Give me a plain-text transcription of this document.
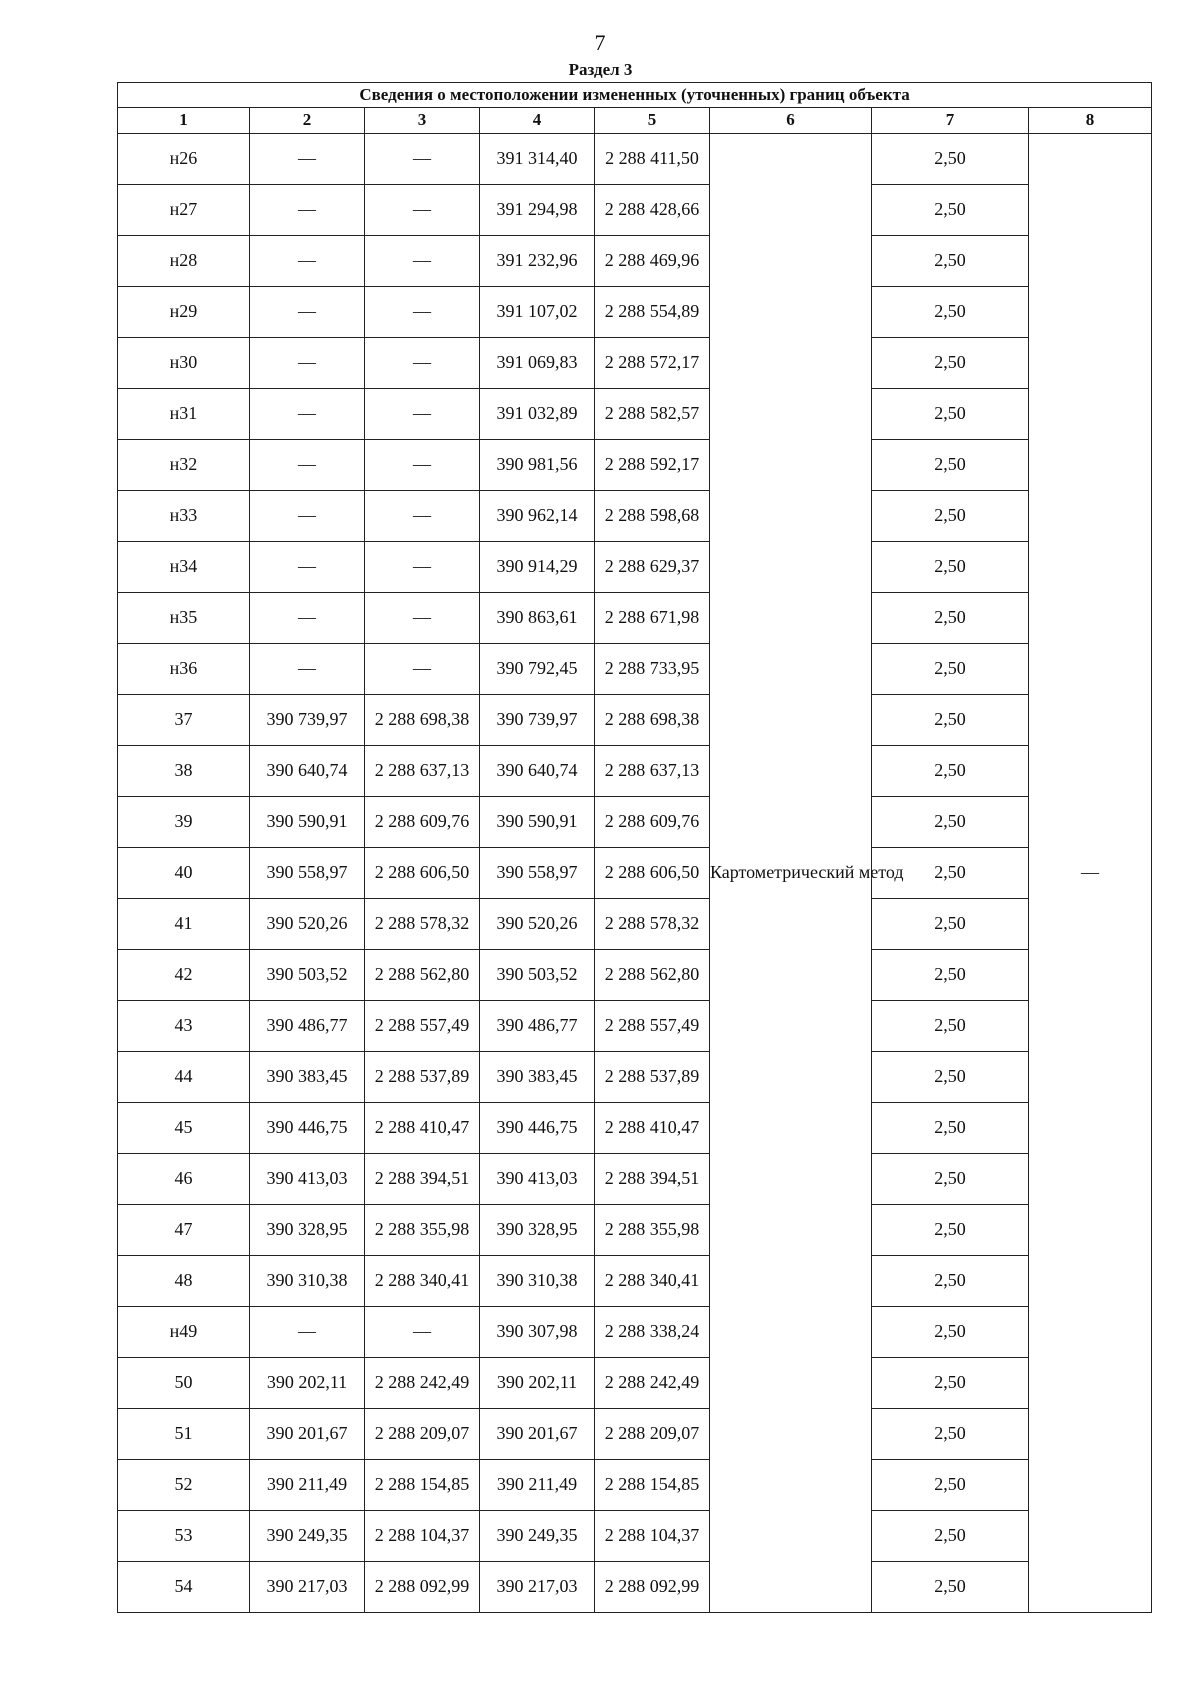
7
Раздел 3
Сведения о местоположении измененных (уточненных) границ объекта							
1	2	3	4	5	6	7	8
н26	—	—	391 314,40	2 288 411,50	Картометрический метод	2,50	—
н27	—	—	391 294,98	2 288 428,66		2,50	
н28	—	—	391 232,96	2 288 469,96		2,50	
н29	—	—	391 107,02	2 288 554,89		2,50	
н30	—	—	391 069,83	2 288 572,17		2,50	
н31	—	—	391 032,89	2 288 582,57		2,50	
н32	—	—	390 981,56	2 288 592,17		2,50	
н33	—	—	390 962,14	2 288 598,68		2,50	
н34	—	—	390 914,29	2 288 629,37		2,50	
н35	—	—	390 863,61	2 288 671,98		2,50	
н36	—	—	390 792,45	2 288 733,95		2,50	
37	390 739,97	2 288 698,38	390 739,97	2 288 698,38		2,50	
38	390 640,74	2 288 637,13	390 640,74	2 288 637,13		2,50	
39	390 590,91	2 288 609,76	390 590,91	2 288 609,76		2,50	
40	390 558,97	2 288 606,50	390 558,97	2 288 606,50		2,50	
41	390 520,26	2 288 578,32	390 520,26	2 288 578,32		2,50	
42	390 503,52	2 288 562,80	390 503,52	2 288 562,80		2,50	
43	390 486,77	2 288 557,49	390 486,77	2 288 557,49		2,50	
44	390 383,45	2 288 537,89	390 383,45	2 288 537,89		2,50	
45	390 446,75	2 288 410,47	390 446,75	2 288 410,47		2,50	
46	390 413,03	2 288 394,51	390 413,03	2 288 394,51		2,50	
47	390 328,95	2 288 355,98	390 328,95	2 288 355,98		2,50	
48	390 310,38	2 288 340,41	390 310,38	2 288 340,41		2,50	
н49	—	—	390 307,98	2 288 338,24		2,50	
50	390 202,11	2 288 242,49	390 202,11	2 288 242,49		2,50	
51	390 201,67	2 288 209,07	390 201,67	2 288 209,07		2,50	
52	390 211,49	2 288 154,85	390 211,49	2 288 154,85		2,50	
53	390 249,35	2 288 104,37	390 249,35	2 288 104,37		2,50	
54	390 217,03	2 288 092,99	390 217,03	2 288 092,99		2,50	
